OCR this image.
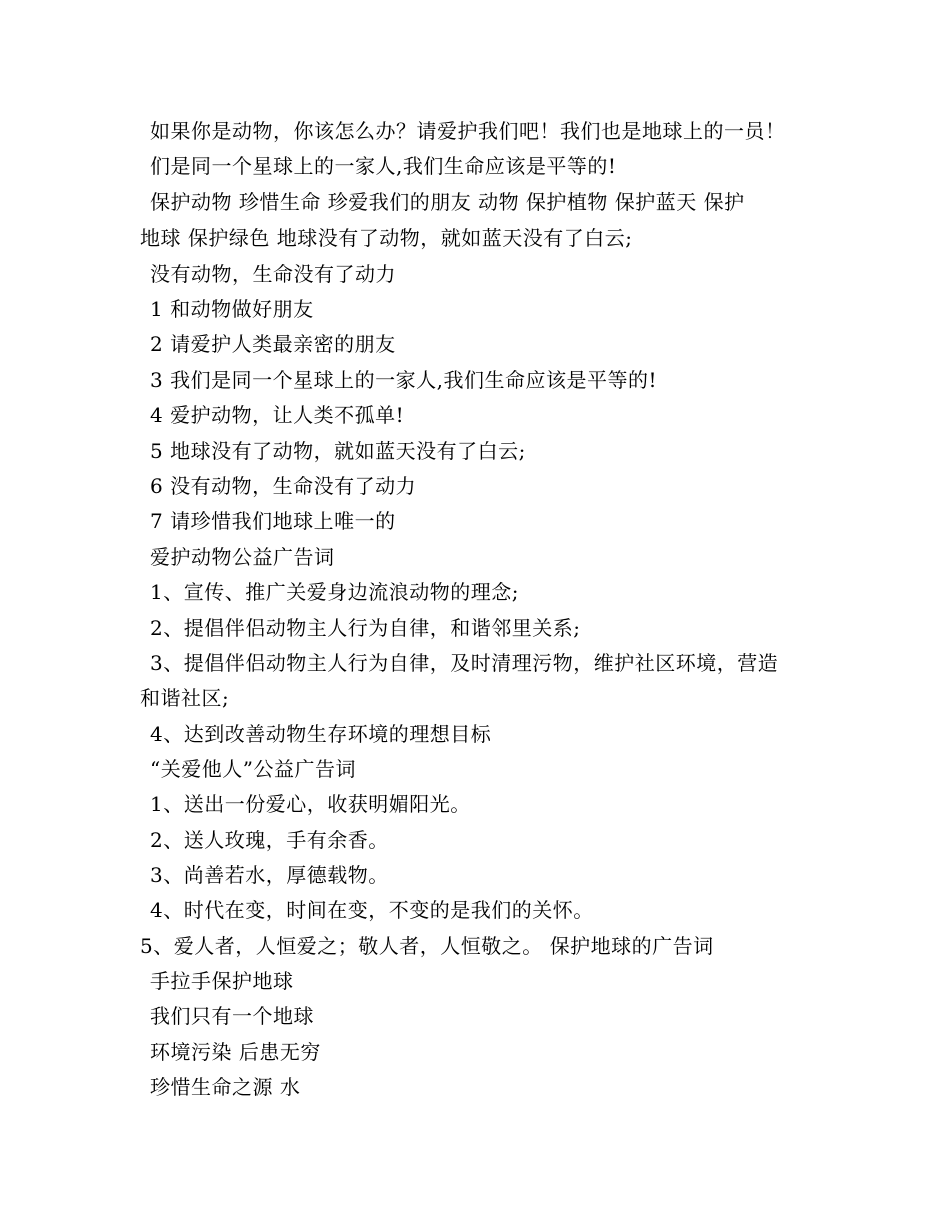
如果你是动物，你该怎么办？请爱护我们吧！我们也是地球上的一员！
们是同一个星球上的一家人,我们生命应该是平等的!
保护动物 珍惜生命 珍爱我们的朋友 动物 保护植物 保护蓝天 保护
地球 保护绿色 地球没有了动物，就如蓝天没有了白云;
没有动物，生命没有了动力
1 和动物做好朋友
2 请爱护人类最亲密的朋友
3 我们是同一个星球上的一家人,我们生命应该是平等的!
4 爱护动物，让人类不孤单!
5 地球没有了动物，就如蓝天没有了白云;
6 没有动物，生命没有了动力
7 请珍惜我们地球上唯一的
爱护动物公益广告词
1、宣传、推广关爱身边流浪动物的理念;
2、提倡伴侣动物主人行为自律，和谐邻里关系;
3、提倡伴侣动物主人行为自律，及时清理污物，维护社区环境，营造
和谐社区;
4、达到改善动物生存环境的理想目标
“关爱他人”公益广告词
1、送出一份爱心，收获明媚阳光。
2、送人玫瑰，手有余香。
3、尚善若水，厚德载物。
4、时代在变，时间在变，不变的是我们的关怀。
5、爱人者，人恒爱之；敬人者，人恒敬之。 保护地球的广告词
手拉手保护地球
我们只有一个地球
环境污染 后患无穷
珍惜生命之源 水
